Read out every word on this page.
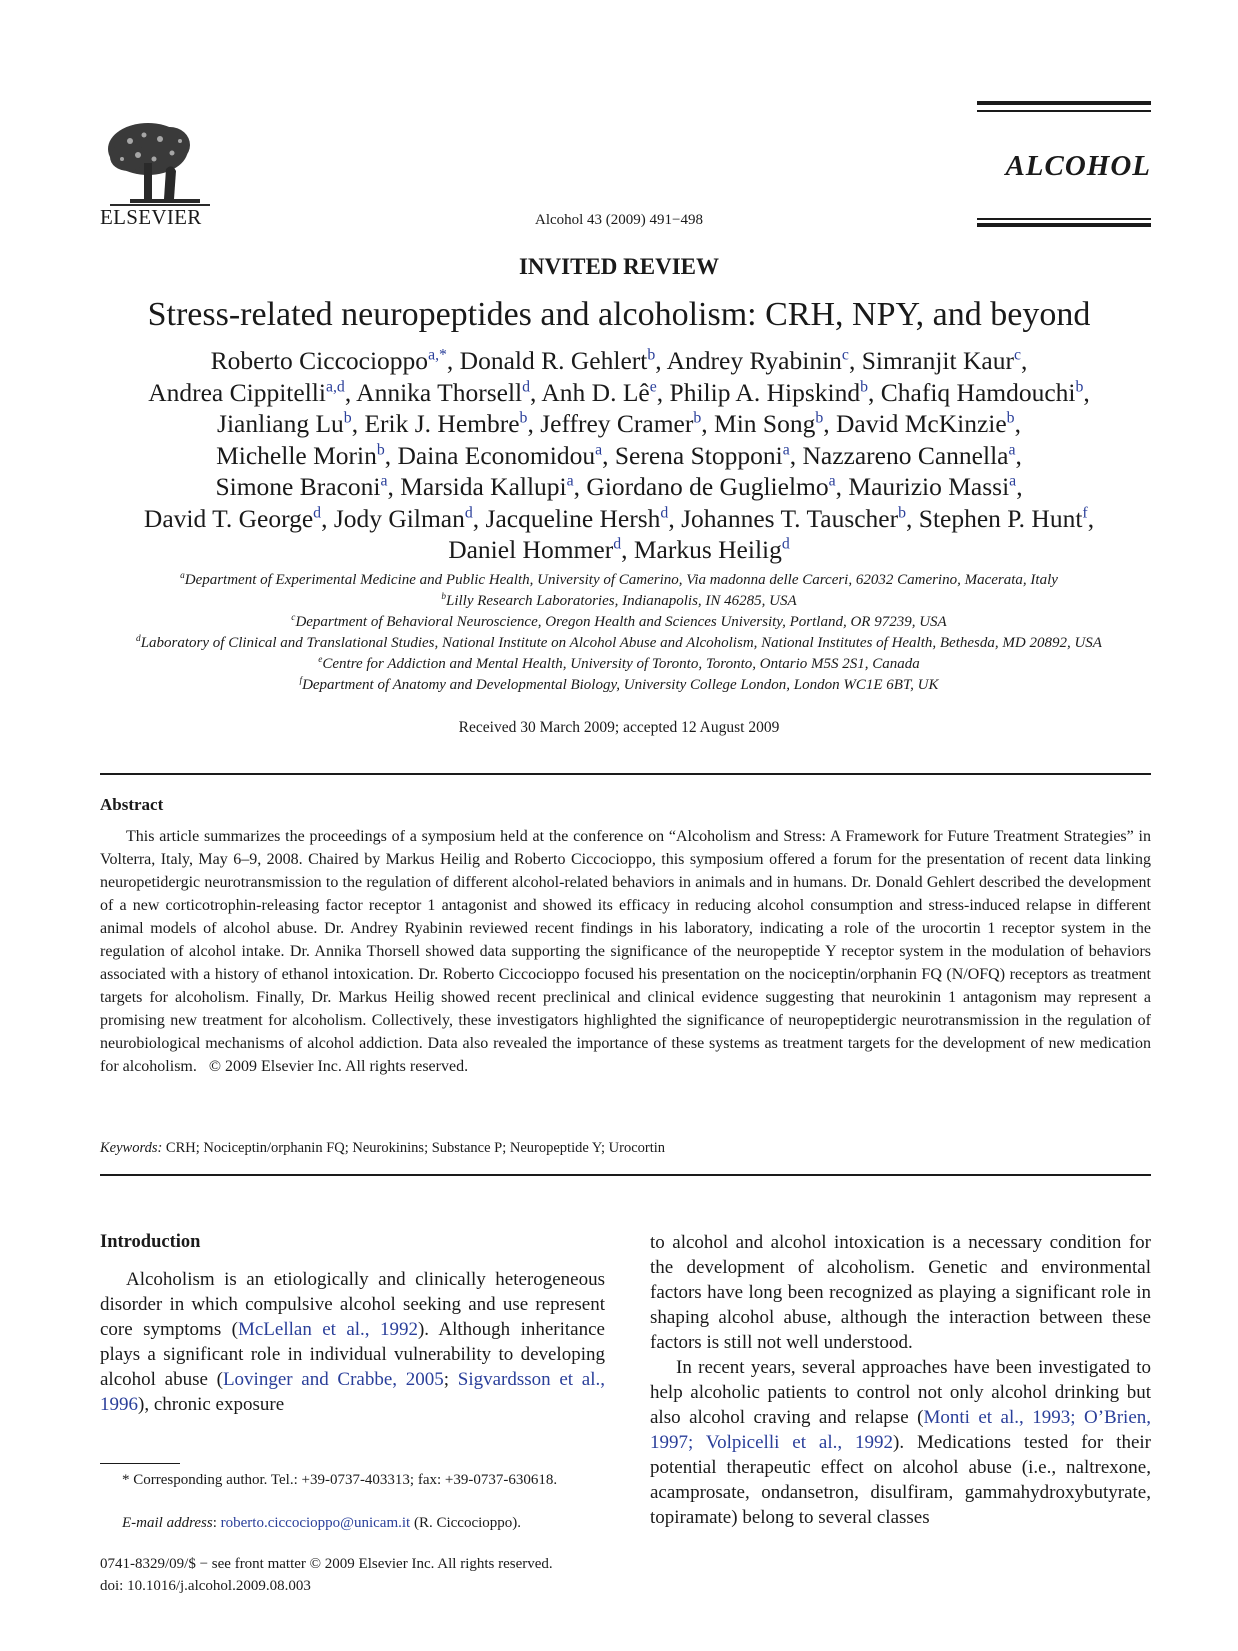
ELSEVIER	Alcohol 43 (2009) 491−498
ALCOHOL
INVITED REVIEW
Stress-related neuropeptides and alcoholism: CRH, NPY, and beyond
Roberto Ciccocioppo$^{a,*}$, Donald R. Gehlert$^b$, Andrey Ryabinin$^c$, Simranjit Kaur$^c$,
Andrea Cippitelli$^{a,d}$, Annika Thorsell$^d$, Anh D. $Lê^e$, Philip A. Hipskind$^b$, Chafiq Hamdouchi$^b$,
Jianliang Lu$^b$, Erik J. Hembre$^b$, Jeffrey Cramer$^b$, Min Song$^b$, David McKinzie$^b$,
Michelle Morin$^b$, Daina Economidou$^a$, Serena Stopponi$^a$, Nazzareno Cannella$^a$,
Simone Braconi$^a$, Marsida Kallupi$^a$, Giordano de Guglielmo$^a$, Maurizio Massi$^a$,
David T. George$^d$, Jody Gilman$^d$, Jacqueline Hersh$^d$, Johannes T. Tauscher$^b$, Stephen P. Hunt$^f$,
Daniel Hommer$^d$, Markus Heilig$^d$
$^a$Department of Experimental Medicine and Public Health, University of Camerino, Via madonna delle Carceri, 62032 Camerino, Macerata, Italy
$^b$Lilly Research Laboratories, Indianapolis, IN 46285, USA
$^c$Department of Behavioral Neuroscience, Oregon Health and Sciences University, Portland, OR 97239, USA
$^d$Laboratory of Clinical and Translational Studies, National Institute on Alcohol Abuse and Alcoholism, National Institutes of Health, Bethesda, MD 20892, USA
$^e$Centre for Addiction and Mental Health, University of Toronto, Toronto, Ontario M5S 2S1, Canada
$^f$Department of Anatomy and Developmental Biology, University College London, London WC1E 6BT, UK
Received 30 March 2009; accepted 12 August 2009
Abstract
This article summarizes the proceedings of a symposium held at the conference on “Alcoholism and Stress: A Framework for Future Treatment Strategies” in Volterra, Italy, May 6–9, 2008. Chaired by Markus Heilig and Roberto Ciccocioppo, this symposium offered a forum for the presentation of recent data linking neuropetidergic neurotransmission to the regulation of different alcohol-related behaviors in animals and in humans. Dr. Donald Gehlert described the development of a new corticotrophin-releasing factor receptor 1 antagonist and showed its efficacy in reducing alcohol consumption and stress-induced relapse in different animal models of alcohol abuse. Dr. Andrey Ryabinin reviewed recent findings in his laboratory, indicating a role of the urocortin 1 receptor system in the regulation of alcohol intake. Dr. Annika Thorsell showed data supporting the significance of the neuropeptide Y receptor system in the modulation of behaviors associated with a history of ethanol intoxication. Dr. Roberto Ciccocioppo focused his presentation on the nociceptin/orphanin FQ (N/OFQ) receptors as treatment targets for alcoholism. Finally, Dr. Markus Heilig showed recent preclinical and clinical evidence suggesting that neurokinin 1 antagonism may represent a promising new treatment for alcoholism. Collectively, these investigators highlighted the significance of neuropeptidergic neurotransmission in the regulation of neurobiological mechanisms of alcohol addiction. Data also revealed the importance of these systems as treatment targets for the development of new medication for alcoholism. © 2009 Elsevier Inc. All rights reserved.
Keywords: CRH; Nociceptin/orphanin FQ; Neurokinins; Substance P; Neuropeptide Y; Urocortin
Introduction

Alcoholism is an etiologically and clinically heterogeneous disorder in which compulsive alcohol seeking and use represent core symptoms (McLellan et al., 1992). Although inheritance plays a significant role in individual vulnerability to developing alcohol abuse (Lovinger and Crabbe, 2005; Sigvardsson et al., 1996), chronic exposure

to alcohol and alcohol intoxication is a necessary condition for the development of alcoholism. Genetic and environmental factors have long been recognized as playing a significant role in shaping alcohol abuse, although the interaction between these factors is still not well understood.

In recent years, several approaches have been investigated to help alcoholic patients to control not only alcohol drinking but also alcohol craving and relapse (Monti et al., 1993; O’Brien, 1997; Volpicelli et al., 1992). Medications tested for their potential therapeutic effect on alcohol abuse (i.e., naltrexone, acamprosate, ondansetron, disulfiram, gammahydroxybutyrate, topiramate) belong to several classes

* Corresponding author. Tel.: +39-0737-403313; fax: +39-0737-630618.
E-mail address: roberto.ciccocioppo@unicam.it (R. Ciccocioppo).
0741-8329/09/$ − see front matter © 2009 Elsevier Inc. All rights reserved.
doi: 10.1016/j.alcohol.2009.08.003
